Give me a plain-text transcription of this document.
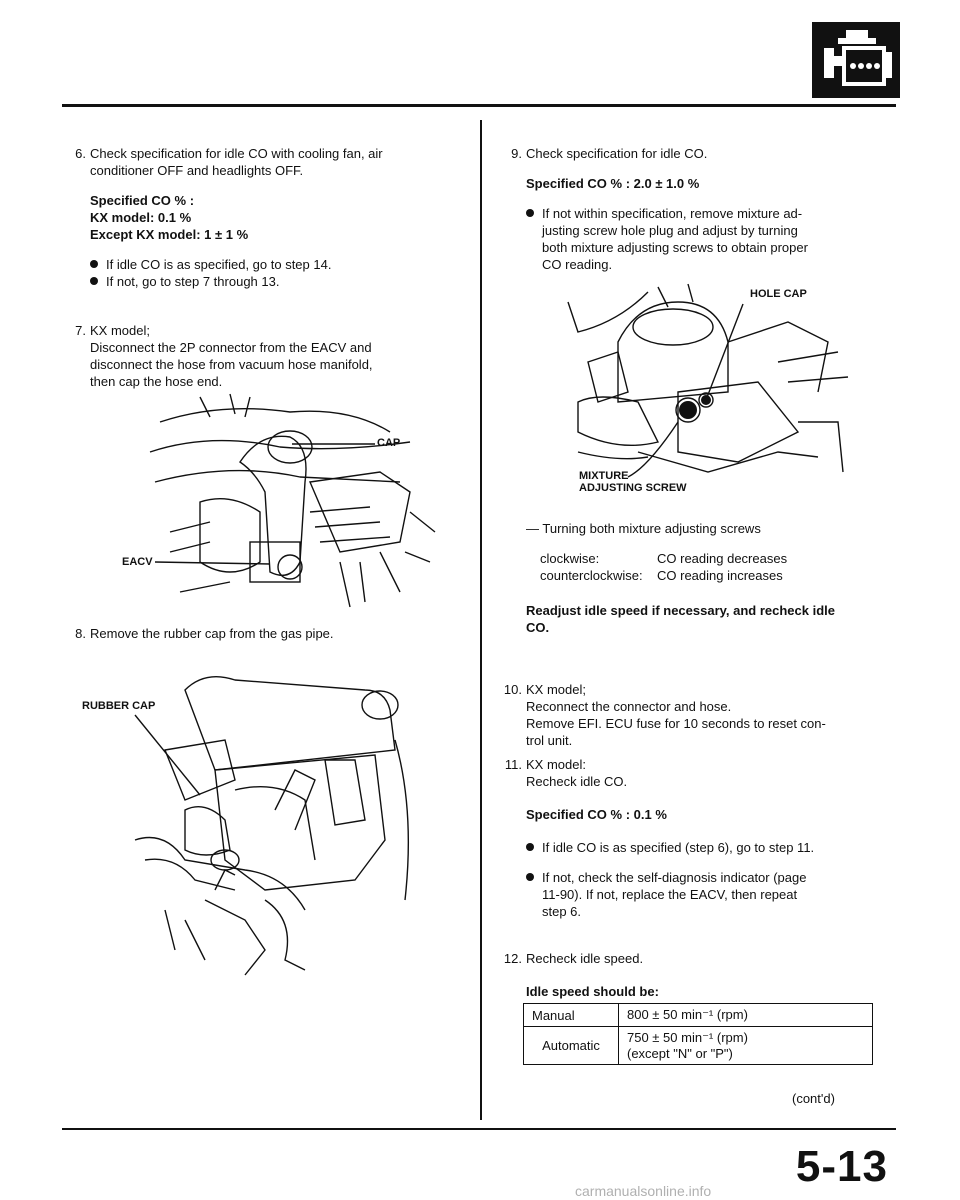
6. Check specification for idle CO with cooling fan, air
conditioner OFF and headlights OFF.
Specified CO % :
KX model: 0.1 %
Except KX model: 1 ± 1 %
If idle CO is as specified, go to step 14.
If not, go to step 7 through 13.
7. KX model;
Disconnect the 2P connector from the EACV and
disconnect the hose from vacuum hose manifold,
then cap the hose end.
CAP
EACV
8. Remove the rubber cap from the gas pipe.
RUBBER CAP
9. Check specification for idle CO.
Specified CO % : 2.0 ± 1.0 %
If not within specification, remove mixture ad-
justing screw hole plug and adjust by turning
both mixture adjusting screws to obtain proper
CO reading.
HOLE CAP
MIXTURE
ADJUSTING SCREW
— Turning both mixture adjusting screws
clockwise:	CO reading decreases
counterclockwise: CO reading increases
Readjust idle speed if necessary, and recheck idle
CO.
10. KX model;
Reconnect the connector and hose.
Remove EFI. ECU fuse for 10 seconds to reset con-
trol unit.
11. KX model:
Recheck idle CO.
Specified CO % : 0.1 %
If idle CO is as specified (step 6), go to step 11.
If not, check the self-diagnosis indicator (page
11-90). If not, replace the EACV, then repeat
step 6.
12. Recheck idle speed.
Idle speed should be:
Manual	800 ± 50 min⁻¹ (rpm)

Automatic	750 ± 50 min⁻¹ (rpm)
(except "N" or "P")
(cont'd)
5-13
carmanualsonline.info
